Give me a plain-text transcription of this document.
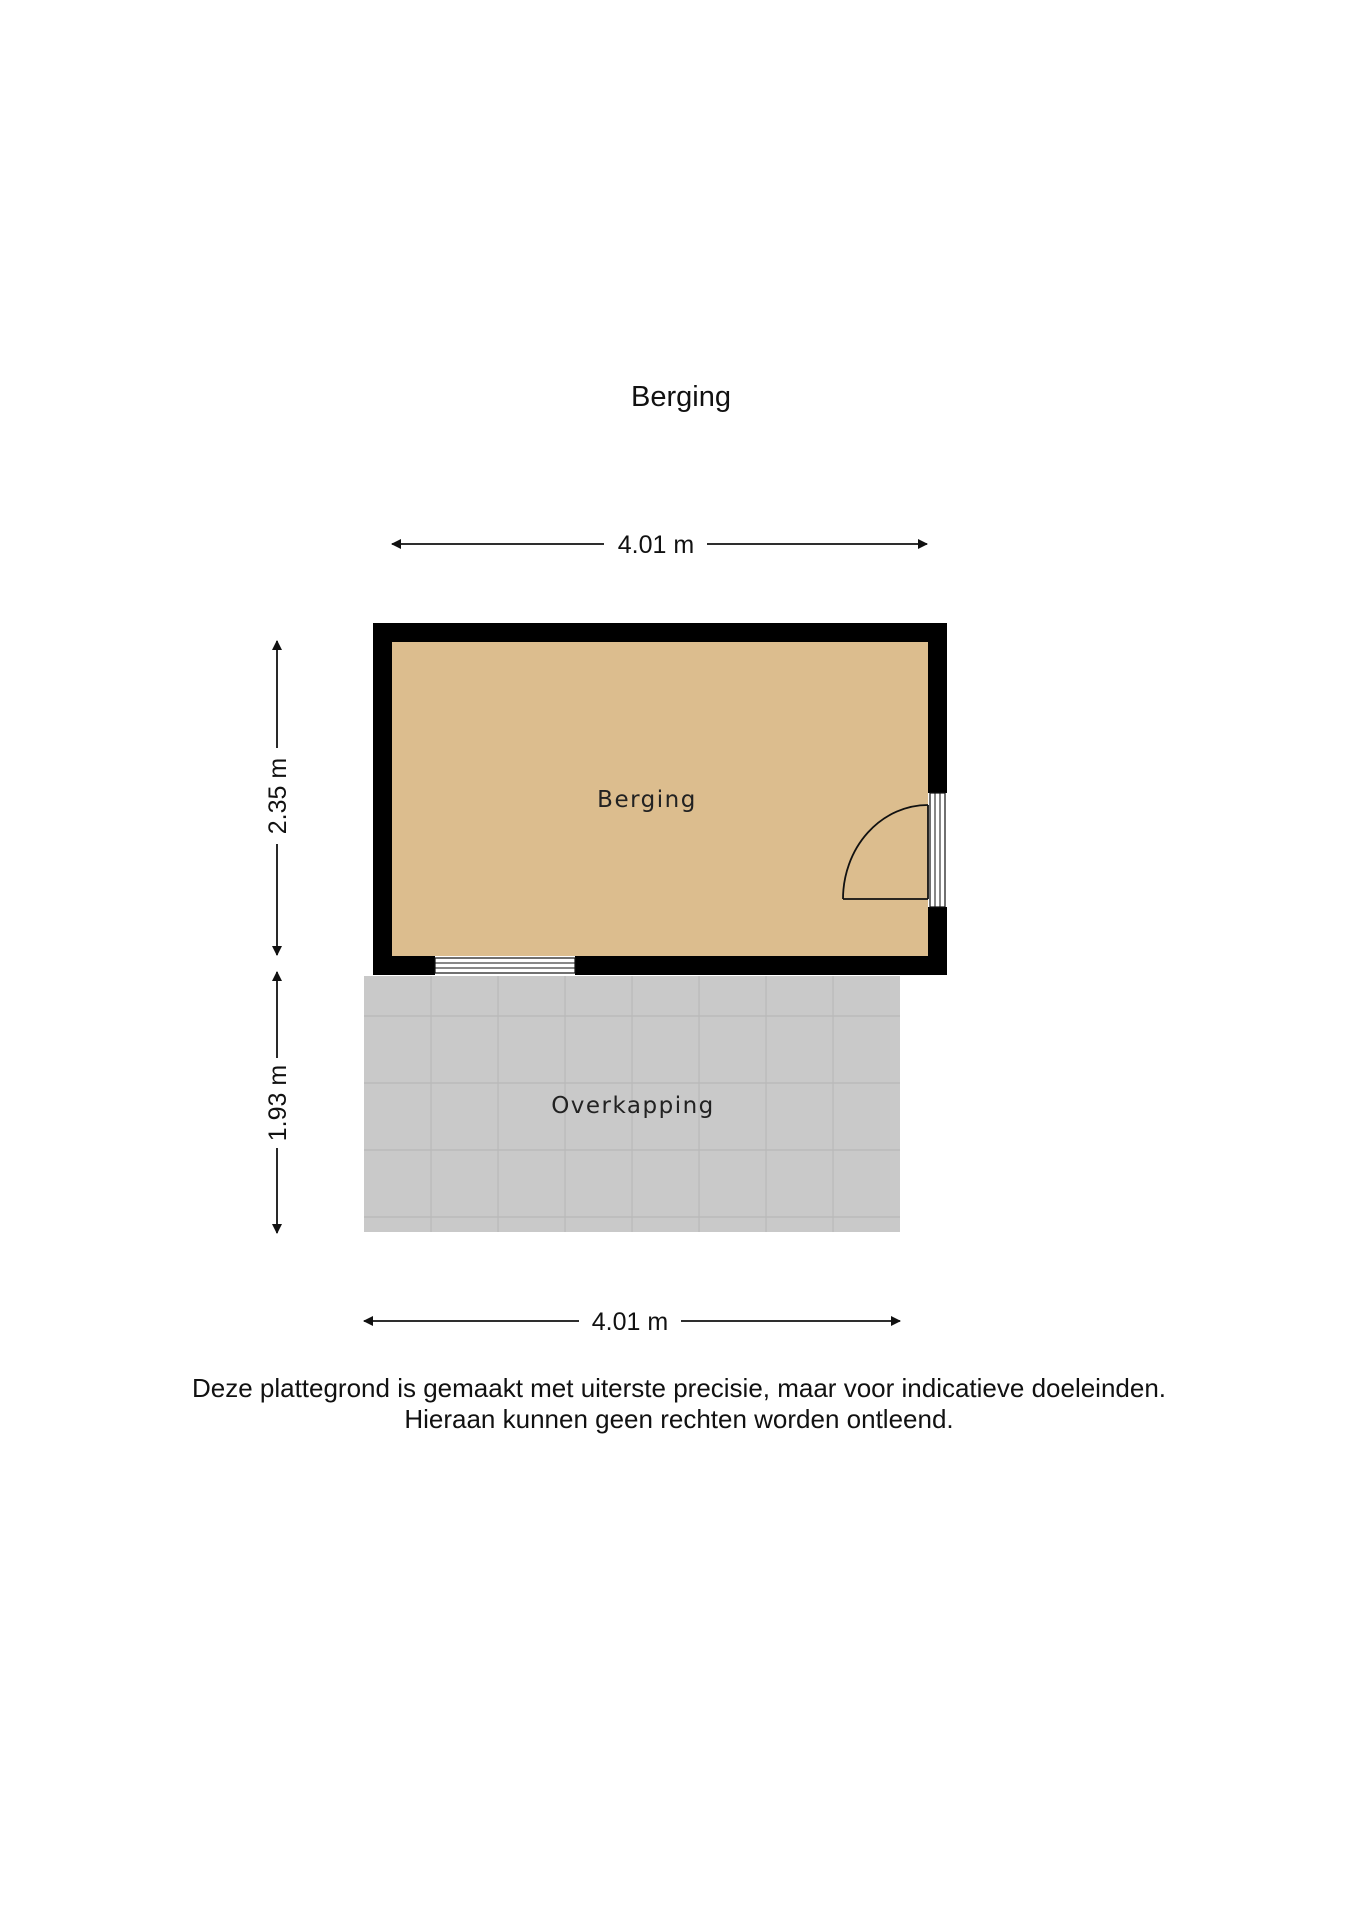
Berging
4.01 m
2.35 m
1.93 m	Overkapping
Berging
4.01 m
Deze plattegrond is gemaakt met uiterste precisie, maar voor indicatieve doeleinden.
Hieraan kunnen geen rechten worden ontleend.
